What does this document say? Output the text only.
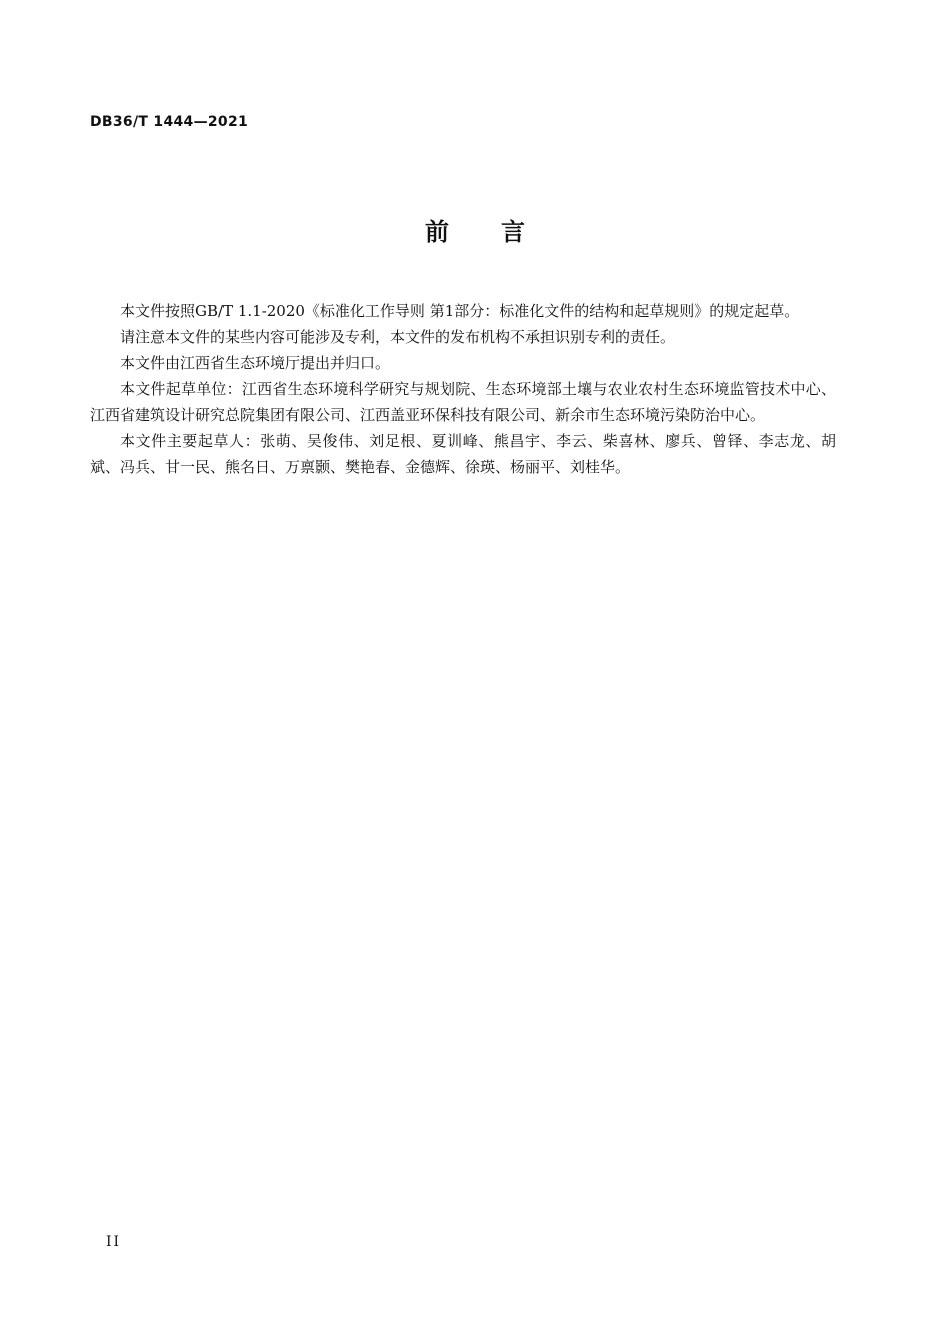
DB36/T 1444—2021
前言

本文件按照GB/T 1.1-2020《标准化工作导则 第1部分：标准化文件的结构和起草规则》的规定起草。

请注意本文件的某些内容可能涉及专利，本文件的发布机构不承担识别专利的责任。

本文件由江西省生态环境厅提出并归口。

本文件起草单位：江西省生态环境科学研究与规划院、生态环境部土壤与农业农村生态环境监管技术中心、江西省建筑设计研究总院集团有限公司、江西盖亚环保科技有限公司、新余市生态环境污染防治中心。

本文件主要起草人：张萌、吴俊伟、刘足根、夏训峰、熊昌宇、李云、柴喜林、廖兵、曾铎、李志龙、胡斌、冯兵、甘一民、熊名日、万禀颢、樊艳春、金德辉、徐瑛、杨丽平、刘桂华。

II
